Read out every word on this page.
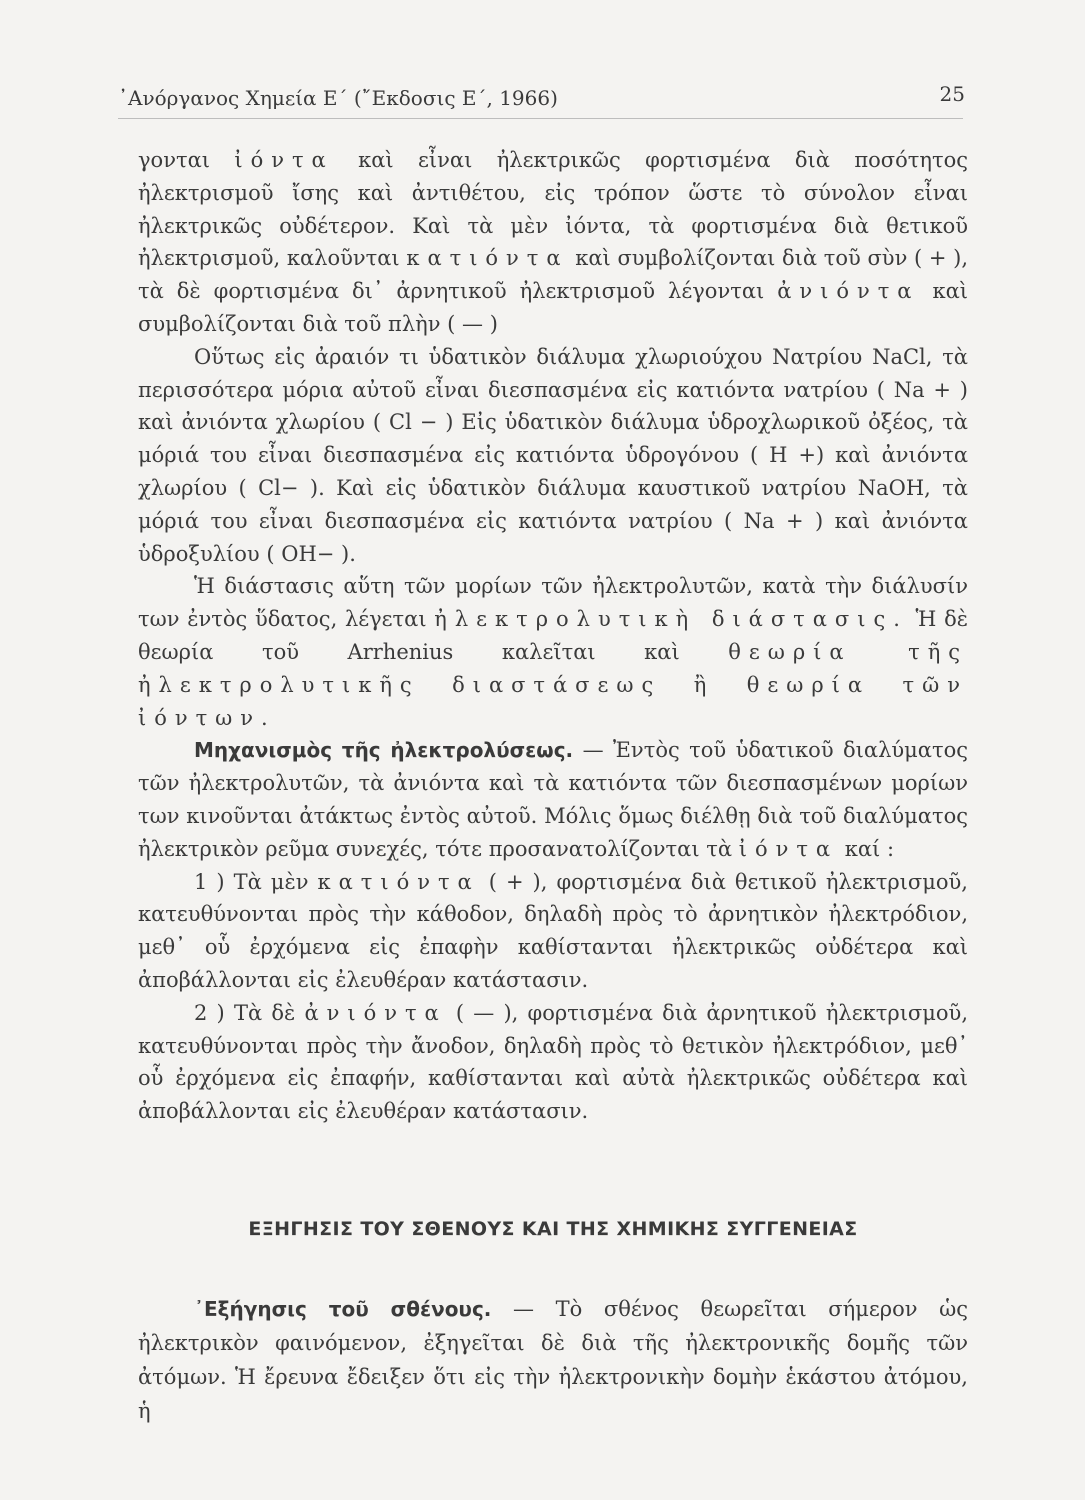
᾿Ανόργανος Χημεία Ε΄ (῎Εκδοσις Ε΄, 1966)	25

γονται ἰόντα καὶ εἶναι ἠλεκτρικῶς φορτισμένα διὰ ποσότητος ἠλεκτρισμοῦ ἴσης καὶ ἀντιθέτου, εἰς τρόπον ὥστε τὸ σύνολον εἶναι ἠλεκτρικῶς οὐδέτερον. Καὶ τὰ μὲν ἰόντα, τὰ φορτισμένα διὰ θετικοῦ ἠλεκτρισμοῦ, καλοῦνται κατιόντα καὶ συμβολίζονται διὰ τοῦ σὺν ( + ), τὰ δὲ φορτισμένα δι᾿ ἀρνητικοῦ ἠλεκτρισμοῦ λέγονται ἀνιόντα καὶ συμβολίζονται διὰ τοῦ πλὴν ( — )

Οὕτως εἰς ἀραιόν τι ὑδατικὸν διάλυμα χλωριούχου Νατρίου NaCl, τὰ περισσότερα μόρια αὐτοῦ εἶναι διεσπασμένα εἰς κατιόντα νατρίου ( Na + ) καὶ ἀνιόντα χλωρίου ( Cl − ) Εἰς ὑδατικὸν διάλυμα ὑδροχλωρικοῦ ὀξέος, τὰ μόριά του εἶναι διεσπασμένα εἰς κατιόντα ὑδρογόνου ( H +) καὶ ἀνιόντα χλωρίου ( Cl− ). Καὶ εἰς ὑδατικὸν διάλυμα καυστικοῦ νατρίου NaOH, τὰ μόριά του εἶναι διεσπασμένα εἰς κατιόντα νατρίου ( Na + ) καὶ ἀνιόντα ὑδροξυλίου ( OH− ).

Ἡ διάστασις αὕτη τῶν μορίων τῶν ἠλεκτρολυτῶν, κατὰ τὴν διάλυσίν των ἐντὸς ὕδατος, λέγεται ἠλεκτρολυτικὴ διάστασις. Ἡ δὲ θεωρία τοῦ Arrhenius καλεῖται καὶ θεωρία τῆς ἠλεκτρολυτικῆς διαστάσεως ἢ θεωρία τῶν ἰόντων.

Μηχανισμὸς τῆς ἠλεκτρολύσεως. — Ἐντὸς τοῦ ὑδατικοῦ διαλύματος τῶν ἠλεκτρολυτῶν, τὰ ἀνιόντα καὶ τὰ κατιόντα τῶν διεσπασμένων μορίων των κινοῦνται ἀτάκτως ἐντὸς αὐτοῦ. Μόλις ὅμως διέλθῃ διὰ τοῦ διαλύματος ἠλεκτρικὸν ρεῦμα συνεχές, τότε προσανατολίζονται τὰ ἰόντα καί :

1 ) Τὰ μὲν κατιόντα ( + ), φορτισμένα διὰ θετικοῦ ἠλεκτρισμοῦ, κατευθύνονται πρὸς τὴν κάθοδον, δηλαδὴ πρὸς τὸ ἀρνητικὸν ἠλεκτρόδιον, μεθ᾿ οὗ ἐρχόμενα εἰς ἐπαφὴν καθίστανται ἠλεκτρικῶς οὐδέτερα καὶ ἀποβάλλονται εἰς ἐλευθέραν κατάστασιν.

2 ) Τὰ δὲ ἀνιόντα ( — ), φορτισμένα διὰ ἀρνητικοῦ ἠλεκτρισμοῦ, κατευθύνονται πρὸς τὴν ἄνοδον, δηλαδὴ πρὸς τὸ θετικὸν ἠλεκτρόδιον, μεθ᾿ οὗ ἐρχόμενα εἰς ἐπαφήν, καθίστανται καὶ αὐτὰ ἠλεκτρικῶς οὐδέτερα καὶ ἀποβάλλονται εἰς ἐλευθέραν κατάστασιν.

ΕΞΗΓΗΣΙΣ ΤΟΥ ΣΘΕΝΟΥΣ ΚΑΙ ΤΗΣ ΧΗΜΙΚΗΣ ΣΥΓΓΕΝΕΙΑΣ

᾿Εξήγησις τοῦ σθένους. — Τὸ σθένος θεωρεῖται σήμερον ὡς ἠλεκτρικὸν φαινόμενον, ἐξηγεῖται δὲ διὰ τῆς ἠλεκτρονικῆς δομῆς τῶν ἀτόμων. Ἡ ἔρευνα ἔδειξεν ὅτι εἰς τὴν ἠλεκτρονικὴν δομὴν ἑκάστου ἀτόμου, ἡ
